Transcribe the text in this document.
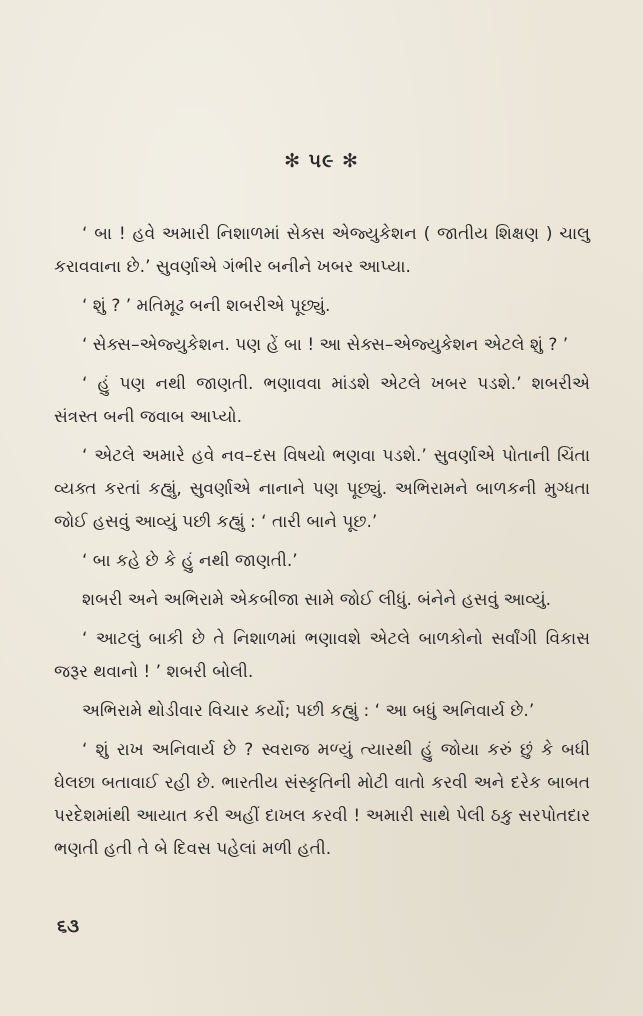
✻ ૫૯ ✻

‘ બા ! હવે અમારી નિશાળમાં સેક્સ એજ્યુકેશન ( જાતીય શિક્ષણ ) ચાલુ કરાવવાના છે.’ સુવર્ણાએ ગંભીર બનીને ખબર આપ્યા.

‘ શું ? ’ મતિમૂઢ બની શબરીએ પૂછ્યું.

‘ સેક્સ–એજ્યુકેશન. પણ હેં બા ! આ સેક્સ–એજ્યુકેશન એટલે શું ? ’

‘ હું પણ નથી જાણતી. ભણાવવા માંડશે એટલે ખબર પડશે.’ શબરીએ સંત્રસ્ત બની જવાબ આપ્યો.

‘ એટલે અમારે હવે નવ–દસ વિષયો ભણવા પડશે.’ સુવર્ણાએ પોતાની ચિંતા વ્યક્ત કરતાં કહ્યું, સુવર્ણાએ નાનાને પણ પૂછ્યું. અભિરામને બાળકની મુગ્ધતા જોઈ હસવું આવ્યું પછી કહ્યું : ‘ તારી બાને પૂછ.’

‘ બા કહે છે કે હું નથી જાણતી.’

શબરી અને અભિરામે એકબીજા સામે જોઈ લીધું. બંનેને હસવું આવ્યું.

‘ આટલું બાકી છે તે નિશાળમાં ભણાવશે એટલે બાળકોનો સર્વાંગી વિકાસ જરૂર થવાનો ! ’ શબરી બોલી.

અભિરામે થોડીવાર વિચાર કર્યો; પછી કહ્યું : ‘ આ બધું અનિવાર્ય છે.’

‘ શું રાખ અનિવાર્ય છે ? સ્વરાજ મળ્યું ત્યારથી હું જોયા કરું છું કે બધી ઘેલછા બતાવાઈ રહી છે. ભારતીય સંસ્કૃતિની મોટી વાતો કરવી અને દરેક બાબત પરદેશમાંથી આયાત કરી અહીં દાખલ કરવી ! અમારી સાથે પેલી ઠકુ સરપોતદાર ભણતી હતી તે બે દિવસ પહેલાં મળી હતી.

૬૩
